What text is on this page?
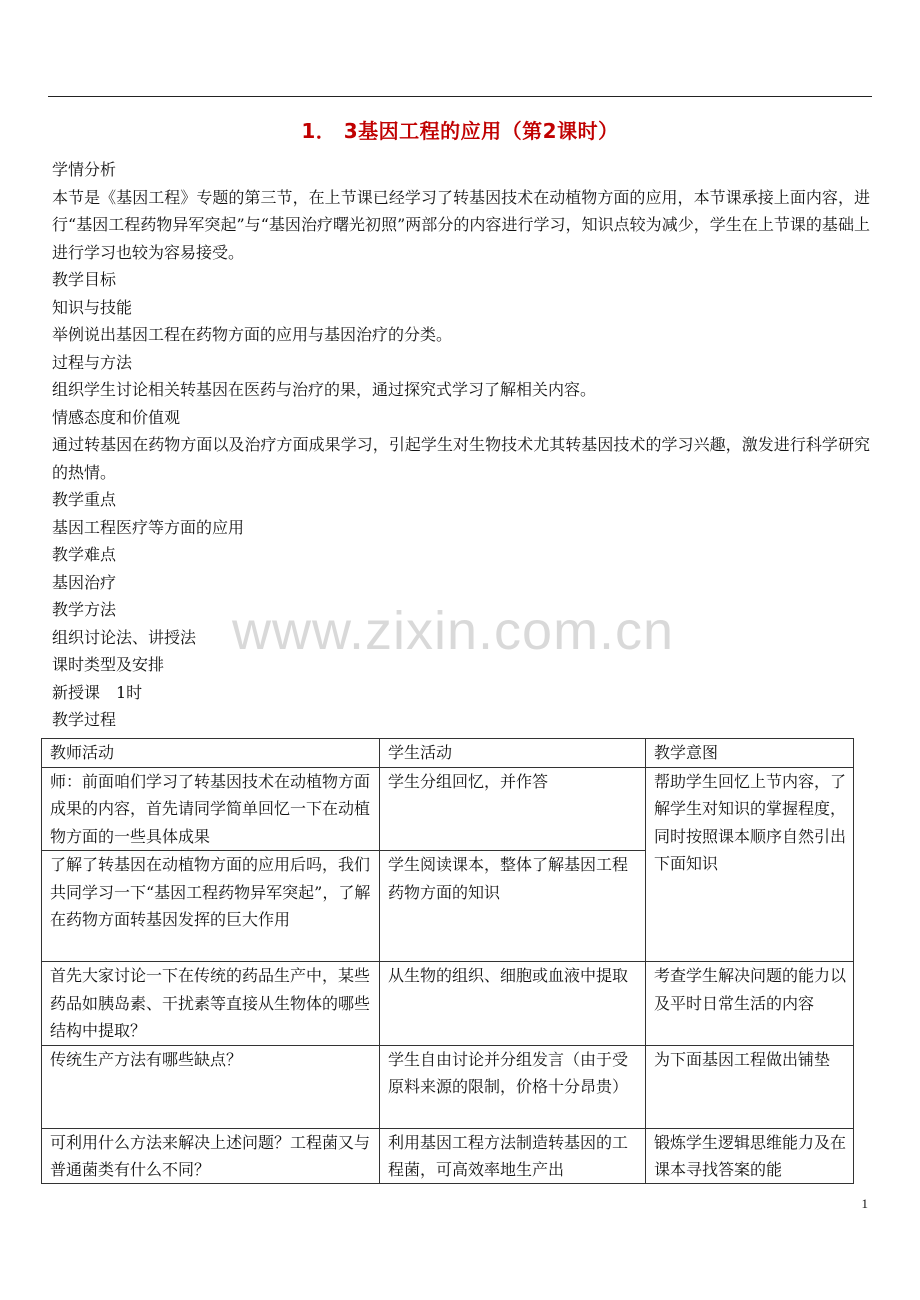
1． 3基因工程的应用（第2课时）

学情分析

本节是《基因工程》专题的第三节，在上节课已经学习了转基因技术在动植物方面的应用，本节课承接上面内容，进行“基因工程药物异军突起”与“基因治疗曙光初照”两部分的内容进行学习，知识点较为减少，学生在上节课的基础上进行学习也较为容易接受。

教学目标

知识与技能

举例说出基因工程在药物方面的应用与基因治疗的分类。

过程与方法

组织学生讨论相关转基因在医药与治疗的果，通过探究式学习了解相关内容。

情感态度和价值观

通过转基因在药物方面以及治疗方面成果学习，引起学生对生物技术尤其转基因技术的学习兴趣，激发进行科学研究的热情。

教学重点

基因工程医疗等方面的应用

教学难点

基因治疗

教学方法

组织讨论法、讲授法

课时类型及安排

新授课　1时

教学过程

教师活动	学生活动	教学意图
师：前面咱们学习了转基因技术在动植物方面成果的内容，首先请同学简单回忆一下在动植物方面的一些具体成果	学生分组回忆，并作答	帮助学生回忆上节内容，了解学生对知识的掌握程度，同时按照课本顺序自然引出下面知识
了解了转基因在动植物方面的应用后吗，我们共同学习一下“基因工程药物异军突起”，了解在药物方面转基因发挥的巨大作用	学生阅读课本，整体了解基因工程药物方面的知识	
首先大家讨论一下在传统的药品生产中，某些药品如胰岛素、干扰素等直接从生物体的哪些结构中提取？	从生物的组织、细胞或血液中提取	考查学生解决问题的能力以及平时日常生活的内容
传统生产方法有哪些缺点？	学生自由讨论并分组发言（由于受原料来源的限制，价格十分昂贵）	为下面基因工程做出铺垫

可利用什么方法来解决上述问题？工程菌又与普通菌类有什么不同？	利用基因工程方法制造转基因的工程菌，可高效率地生产出	锻炼学生逻辑思维能力及在课本寻找答案的能
www.zixin.com.cn
1
